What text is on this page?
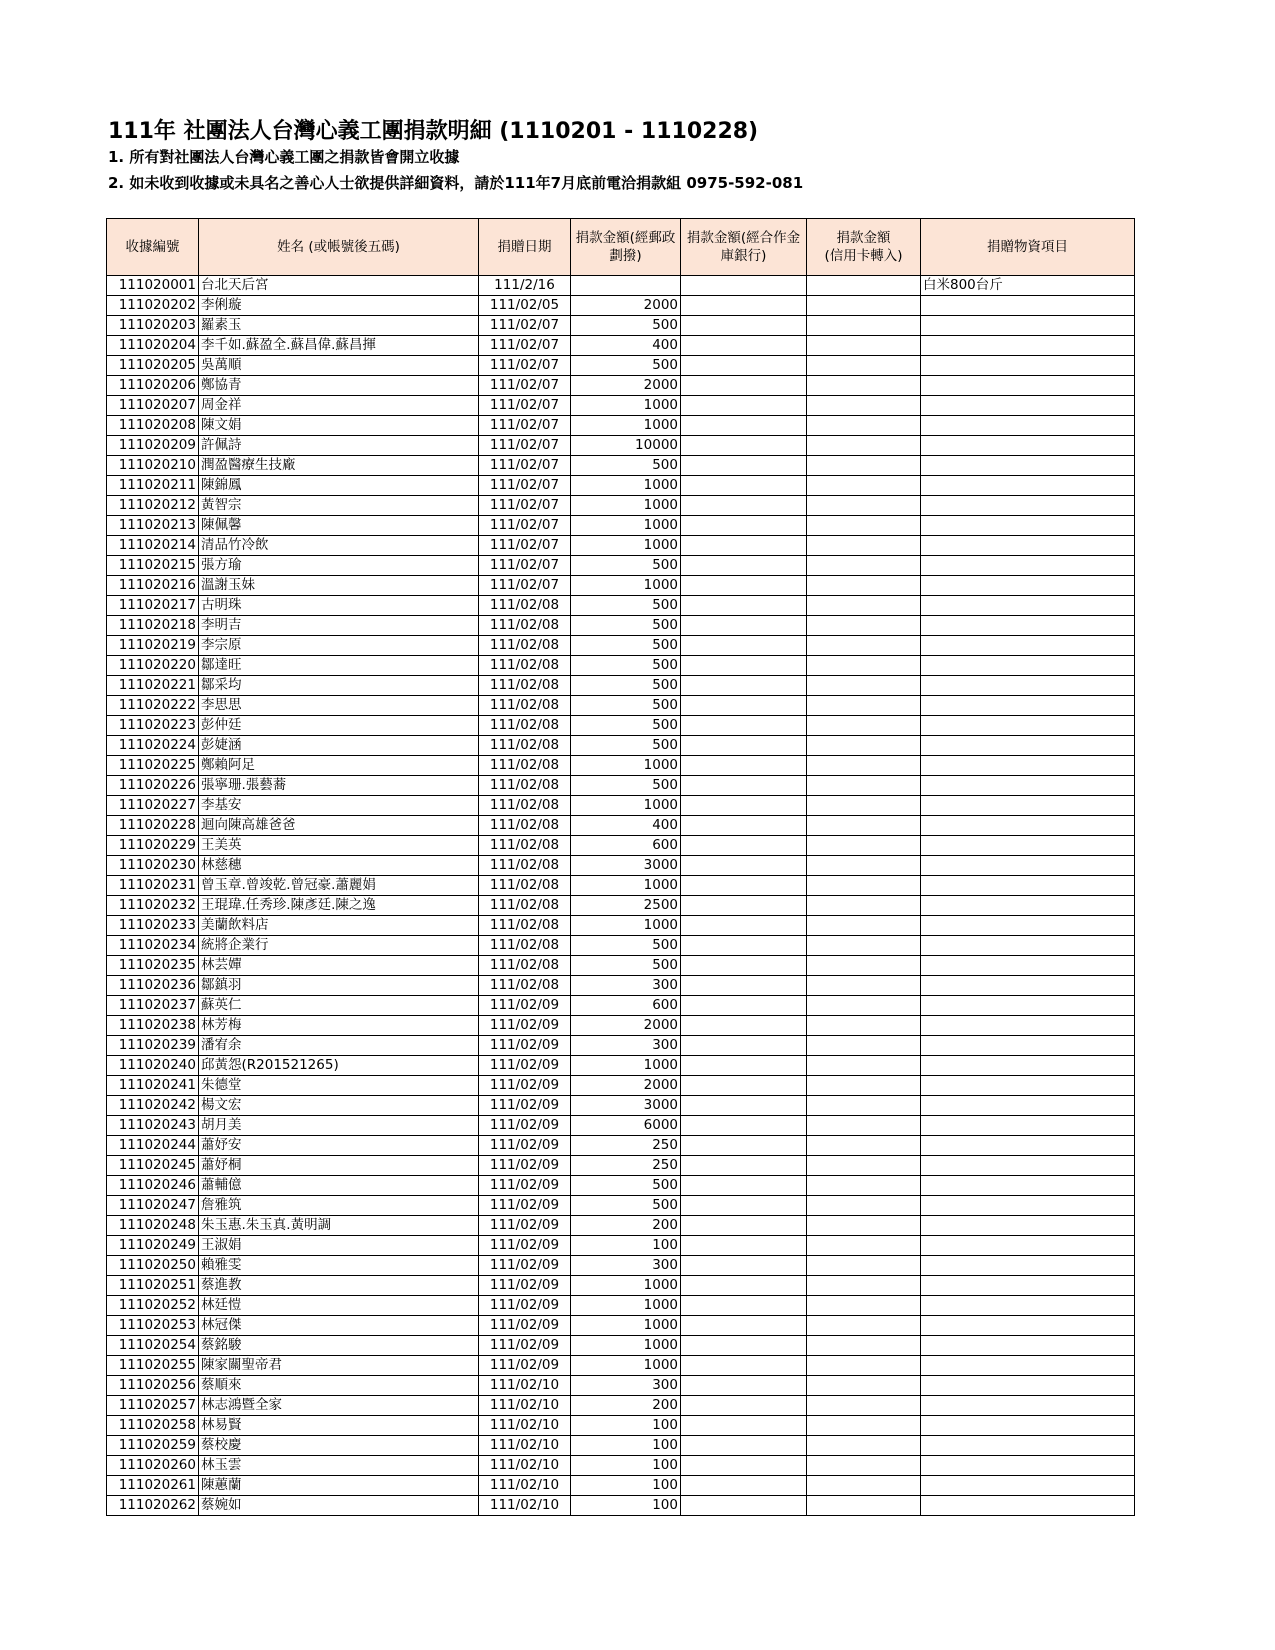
111年 社團法人台灣心義工團捐款明細 (1110201 - 1110228)
1. 所有對社團法人台灣心義工團之捐款皆會開立收據
2. 如未收到收據或未具名之善心人士欲提供詳細資料，請於111年7月底前電洽捐款組 0975-592-081
收據編號	姓名 (或帳號後五碼)	捐贈日期	捐款金額(經郵政劃撥)	捐款金額(經合作金庫銀行)	捐款金額
(信用卡轉入)	捐贈物資項目
111020001	台北天后宮	111/2/16				白米800台斤
111020202	李俐璇	111/02/05	2000			
111020203	羅素玉	111/02/07	500			
111020204	李千如.蘇盈全.蘇昌偉.蘇昌揮	111/02/07	400			
111020205	吳萬順	111/02/07	500			
111020206	鄭協青	111/02/07	2000			
111020207	周金祥	111/02/07	1000			
111020208	陳文娟	111/02/07	1000			
111020209	許佩詩	111/02/07	10000			
111020210	潤盈醫療生技廠	111/02/07	500			
111020211	陳錦鳳	111/02/07	1000			
111020212	黃智宗	111/02/07	1000			
111020213	陳佩馨	111/02/07	1000			
111020214	清品竹冷飲	111/02/07	1000			
111020215	張方瑜	111/02/07	500			
111020216	溫謝玉妹	111/02/07	1000			
111020217	古明珠	111/02/08	500			
111020218	李明吉	111/02/08	500			
111020219	李宗原	111/02/08	500			
111020220	鄒達旺	111/02/08	500			
111020221	鄒采均	111/02/08	500			
111020222	李思思	111/02/08	500			
111020223	彭仲廷	111/02/08	500			
111020224	彭婕涵	111/02/08	500			
111020225	鄭賴阿足	111/02/08	1000			
111020226	張寧珊.張藝蕎	111/02/08	500			
111020227	李基安	111/02/08	1000			
111020228	迴向陳高雄爸爸	111/02/08	400			
111020229	王美英	111/02/08	600			
111020230	林慈穗	111/02/08	3000			
111020231	曾玉章.曾竣乾.曾冠豪.蕭麗娟	111/02/08	1000			
111020232	王琨瑋.任秀珍.陳彥廷.陳之逸	111/02/08	2500			
111020233	美蘭飲料店	111/02/08	1000			
111020234	統將企業行	111/02/08	500			
111020235	林芸嬋	111/02/08	500			
111020236	鄒鎮羽	111/02/08	300			
111020237	蘇英仁	111/02/09	600			
111020238	林芳梅	111/02/09	2000			
111020239	潘宥余	111/02/09	300			
111020240	邱黃怨(R201521265)	111/02/09	1000			
111020241	朱德堂	111/02/09	2000			
111020242	楊文宏	111/02/09	3000			
111020243	胡月美	111/02/09	6000			
111020244	蕭妤安	111/02/09	250			
111020245	蕭妤桐	111/02/09	250			
111020246	蕭輔億	111/02/09	500			
111020247	詹雅筑	111/02/09	500			
111020248	朱玉惠.朱玉真.黃明調	111/02/09	200			
111020249	王淑娟	111/02/09	100			
111020250	賴雅雯	111/02/09	300			
111020251	蔡進教	111/02/09	1000			
111020252	林廷愷	111/02/09	1000			
111020253	林冠傑	111/02/09	1000			
111020254	蔡銘駿	111/02/09	1000			
111020255	陳家關聖帝君	111/02/09	1000			
111020256	蔡順來	111/02/10	300			
111020257	林志鴻暨全家	111/02/10	200			
111020258	林易賢	111/02/10	100			
111020259	蔡校慶	111/02/10	100			
111020260	林玉雲	111/02/10	100			
111020261	陳蕙蘭	111/02/10	100			
111020262	蔡婉如	111/02/10	100			
